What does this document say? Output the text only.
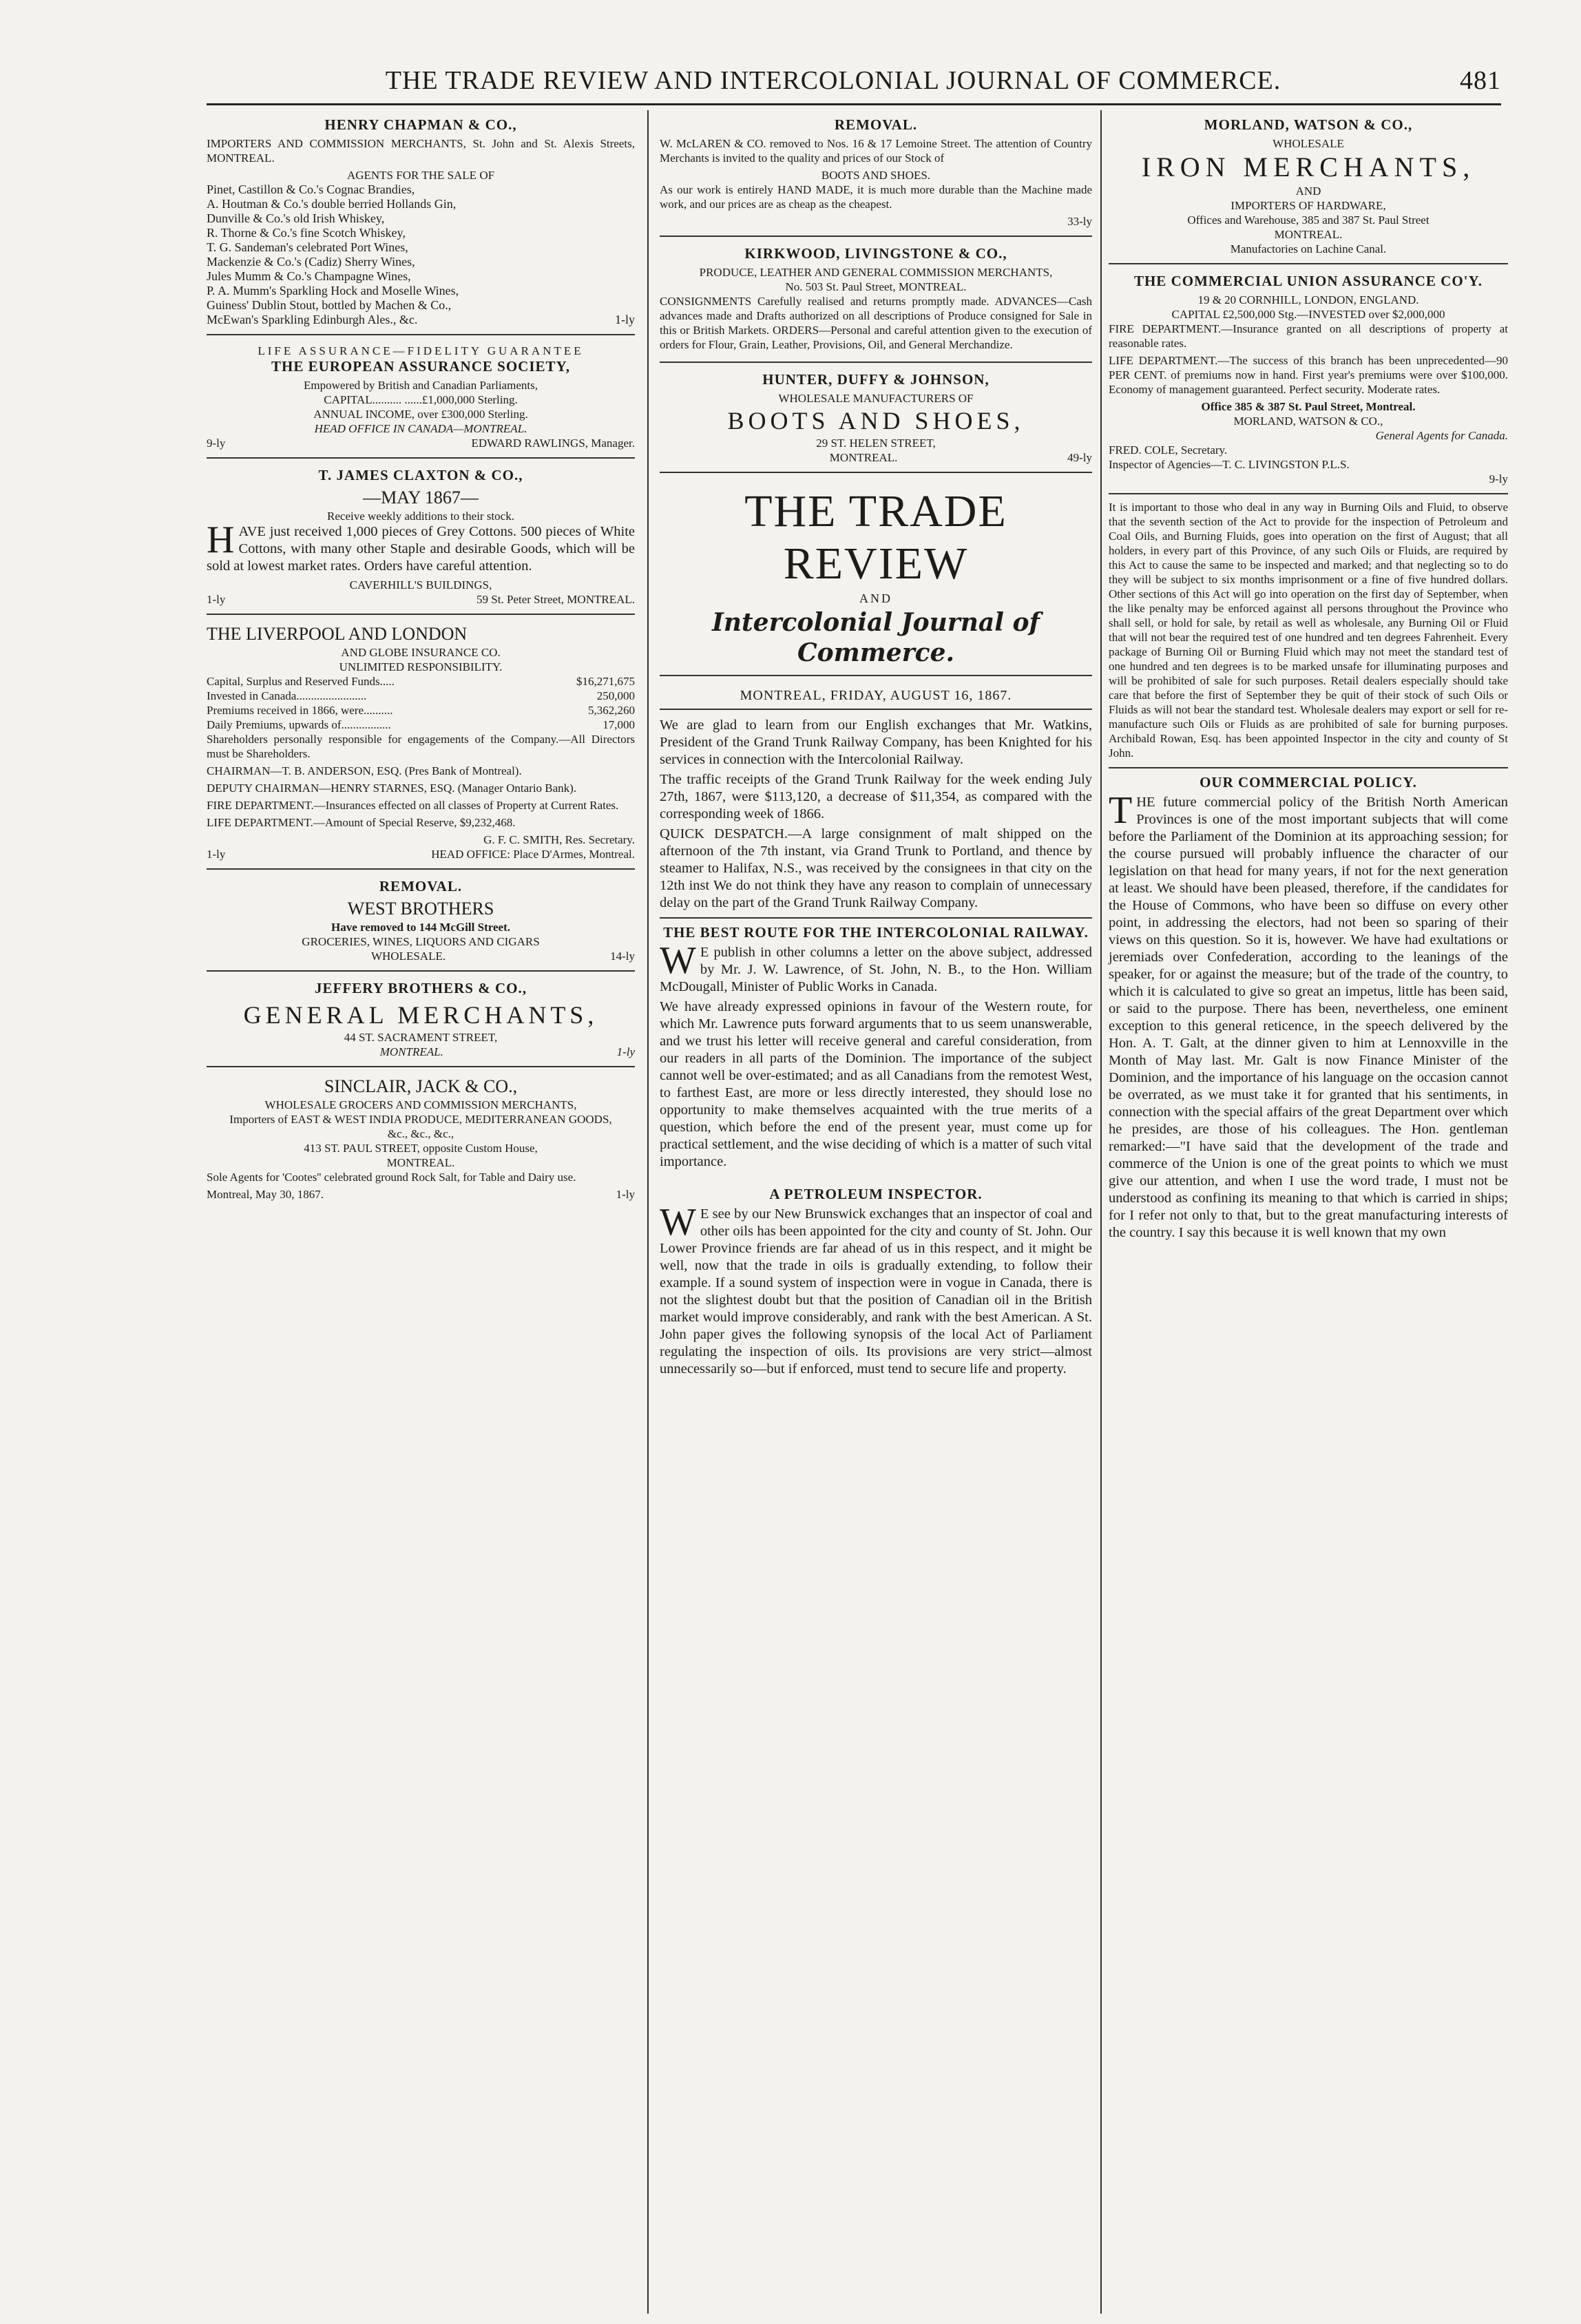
THE TRADE REVIEW AND INTERCOLONIAL JOURNAL OF COMMERCE.	481
HENRY CHAPMAN & CO.,

IMPORTERS AND COMMISSION MERCHANTS, St. John and St. Alexis Streets, MONTREAL.

AGENTS FOR THE SALE OF
Pinet, Castillon & Co.'s Cognac Brandies,
A. Houtman & Co.'s double berried Hollands Gin,
Dunville & Co.'s old Irish Whiskey,
R. Thorne & Co.'s fine Scotch Whiskey,
T. G. Sandeman's celebrated Port Wines,
Mackenzie & Co.'s (Cadiz) Sherry Wines,
Jules Mumm & Co.'s Champagne Wines,
P. A. Mumm's Sparkling Hock and Moselle Wines,
Guiness' Dublin Stout, bottled by Machen & Co.,
McEwan's Sparkling Edinburgh Ales., &c.	1-ly
LIFE ASSURANCE—FIDELITY GUARANTEE
THE EUROPEAN ASSURANCE SOCIETY,
Empowered by British and Canadian Parliaments,
CAPITAL.......... ......£1,000,000 Sterling.
ANNUAL INCOME, over £300,000 Sterling.
HEAD OFFICE IN CANADA—MONTREAL.
9-ly	EDWARD RAWLINGS, Manager.
T. JAMES CLAXTON & CO.,
—MAY 1867—
Receive weekly additions to their stock.

HAVE just received 1,000 pieces of Grey Cottons. 500 pieces of White Cottons, with many other Staple and desirable Goods, which will be sold at lowest market rates. Orders have careful attention.

CAVERHILL'S BUILDINGS,
1-ly	59 St. Peter Street, MONTREAL.
THE LIVERPOOL AND LONDON
AND GLOBE INSURANCE CO.
UNLIMITED RESPONSIBILITY.
Capital, Surplus and Reserved Funds.....	$16,271,675
Invested in Canada........................	250,000
Premiums received in 1866, were..........	5,362,260
Daily Premiums, upwards of.................	17,000

Shareholders personally responsible for engagements of the Company.—All Directors must be Shareholders.

CHAIRMAN—T. B. ANDERSON, ESQ. (Pres Bank of Montreal).

DEPUTY CHAIRMAN—HENRY STARNES, ESQ. (Manager Ontario Bank).

FIRE DEPARTMENT.—Insurances effected on all classes of Property at Current Rates.

LIFE DEPARTMENT.—Amount of Special Reserve, $9,232,468.

G. F. C. SMITH, Res. Secretary.
1-ly	HEAD OFFICE: Place D'Armes, Montreal.
REMOVAL.
WEST BROTHERS
Have removed to 144 McGill Street.
GROCERIES, WINES, LIQUORS AND CIGARS
WHOLESALE.	14-ly
JEFFERY BROTHERS & CO.,
GENERAL MERCHANTS,
44 ST. SACRAMENT STREET,
MONTREAL.	1-ly
SINCLAIR, JACK & CO.,
WHOLESALE GROCERS AND COMMISSION MERCHANTS,
Importers of EAST & WEST INDIA PRODUCE, MEDITERRANEAN GOODS,
&c., &c., &c.,
413 ST. PAUL STREET, opposite Custom House,
MONTREAL.

Sole Agents for 'Cootes'' celebrated ground Rock Salt, for Table and Dairy use.

Montreal, May 30, 1867.	1-ly
REMOVAL.

W. McLAREN & CO. removed to Nos. 16 & 17 Lemoine Street. The attention of Country Merchants is invited to the quality and prices of our Stock of

BOOTS AND SHOES.

As our work is entirely HAND MADE, it is much more durable than the Machine made work, and our prices are as cheap as the cheapest.

33-ly
KIRKWOOD, LIVINGSTONE & CO.,
PRODUCE, LEATHER AND GENERAL COMMISSION MERCHANTS,
No. 503 St. Paul Street, MONTREAL.

CONSIGNMENTS Carefully realised and returns promptly made. ADVANCES—Cash advances made and Drafts authorized on all descriptions of Produce consigned for Sale in this or British Markets. ORDERS—Personal and careful attention given to the execution of orders for Flour, Grain, Leather, Provisions, Oil, and General Merchandize.

HUNTER, DUFFY & JOHNSON,
WHOLESALE MANUFACTURERS OF
BOOTS AND SHOES,
29 ST. HELEN STREET,
MONTREAL.	49-ly
THE TRADE REVIEW
AND
Intercolonial Journal of Commerce.
MONTREAL, FRIDAY, AUGUST 16, 1867.

We are glad to learn from our English exchanges that Mr. Watkins, President of the Grand Trunk Railway Company, has been Knighted for his services in connection with the Intercolonial Railway.

The traffic receipts of the Grand Trunk Railway for the week ending July 27th, 1867, were $113,120, a decrease of $11,354, as compared with the corresponding week of 1866.

QUICK DESPATCH.—A large consignment of malt shipped on the afternoon of the 7th instant, via Grand Trunk to Portland, and thence by steamer to Halifax, N.S., was received by the consignees in that city on the 12th inst We do not think they have any reason to complain of unnecessary delay on the part of the Grand Trunk Railway Company.

THE BEST ROUTE FOR THE INTERCOLONIAL RAILWAY.

WE publish in other columns a letter on the above subject, addressed by Mr. J. W. Lawrence, of St. John, N. B., to the Hon. William McDougall, Minister of Public Works in Canada.

We have already expressed opinions in favour of the Western route, for which Mr. Lawrence puts forward arguments that to us seem unanswerable, and we trust his letter will receive general and careful consideration, from our readers in all parts of the Dominion. The importance of the subject cannot well be over-estimated; and as all Canadians from the remotest West, to farthest East, are more or less directly interested, they should lose no opportunity to make themselves acquainted with the true merits of a question, which before the end of the present year, must come up for practical settlement, and the wise deciding of which is a matter of such vital importance.

A PETROLEUM INSPECTOR.

WE see by our New Brunswick exchanges that an inspector of coal and other oils has been appointed for the city and county of St. John. Our Lower Province friends are far ahead of us in this respect, and it might be well, now that the trade in oils is gradually extending, to follow their example. If a sound system of inspection were in vogue in Canada, there is not the slightest doubt but that the position of Canadian oil in the British market would improve considerably, and rank with the best American. A St. John paper gives the following synopsis of the local Act of Parliament regulating the inspection of oils. Its provisions are very strict—almost unnecessarily so—but if enforced, must tend to secure life and property.

MORLAND, WATSON & CO.,
WHOLESALE
IRON MERCHANTS,
AND
IMPORTERS OF HARDWARE,
Offices and Warehouse, 385 and 387 St. Paul Street
MONTREAL.
Manufactories on Lachine Canal.
THE COMMERCIAL UNION ASSURANCE CO'Y.
19 & 20 CORNHILL, LONDON, ENGLAND.
CAPITAL £2,500,000 Stg.—INVESTED over $2,000,000

FIRE DEPARTMENT.—Insurance granted on all descriptions of property at reasonable rates.

LIFE DEPARTMENT.—The success of this branch has been unprecedented—90 PER CENT. of premiums now in hand. First year's premiums were over $100,000. Economy of management guaranteed. Perfect security. Moderate rates.

Office 385 & 387 St. Paul Street, Montreal.
MORLAND, WATSON & CO.,
General Agents for Canada.
FRED. COLE, Secretary.
Inspector of Agencies—T. C. LIVINGSTON P.L.S.
9-ly

It is important to those who deal in any way in Burning Oils and Fluid, to observe that the seventh section of the Act to provide for the inspection of Petroleum and Coal Oils, and Burning Fluids, goes into operation on the first of August; that all holders, in every part of this Province, of any such Oils or Fluids, are required by this Act to cause the same to be inspected and marked; and that neglecting so to do they will be subject to six months imprisonment or a fine of five hundred dollars. Other sections of this Act will go into operation on the first day of September, when the like penalty may be enforced against all persons throughout the Province who shall sell, or hold for sale, by retail as well as wholesale, any Burning Oil or Fluid that will not bear the required test of one hundred and ten degrees Fahrenheit. Every package of Burning Oil or Burning Fluid which may not meet the standard test of one hundred and ten degrees is to be marked unsafe for illuminating purposes and will be prohibited of sale for such purposes. Retail dealers especially should take care that before the first of September they be quit of their stock of such Oils or Fluids as will not bear the standard test. Wholesale dealers may export or sell for re-manufacture such Oils or Fluids as are prohibited of sale for burning purposes. Archibald Rowan, Esq. has been appointed Inspector in the city and county of St John.

OUR COMMERCIAL POLICY.

THE future commercial policy of the British North American Provinces is one of the most important subjects that will come before the Parliament of the Dominion at its approaching session; for the course pursued will probably influence the character of our legislation on that head for many years, if not for the next generation at least. We should have been pleased, therefore, if the candidates for the House of Commons, who have been so diffuse on every other point, in addressing the electors, had not been so sparing of their views on this question. So it is, however. We have had exultations or jeremiads over Confederation, according to the leanings of the speaker, for or against the measure; but of the trade of the country, to which it is calculated to give so great an impetus, little has been said, or said to the purpose. There has been, nevertheless, one eminent exception to this general reticence, in the speech delivered by the Hon. A. T. Galt, at the dinner given to him at Lennoxville in the Month of May last. Mr. Galt is now Finance Minister of the Dominion, and the importance of his language on the occasion cannot be overrated, as we must take it for granted that his sentiments, in connection with the special affairs of the great Department over which he presides, are those of his colleagues. The Hon. gentleman remarked:—"I have said that the development of the trade and commerce of the Union is one of the great points to which we must give our attention, and when I use the word trade, I must not be understood as confining its meaning to that which is carried in ships; for I refer not only to that, but to the great manufacturing interests of the country. I say this because it is well known that my own
